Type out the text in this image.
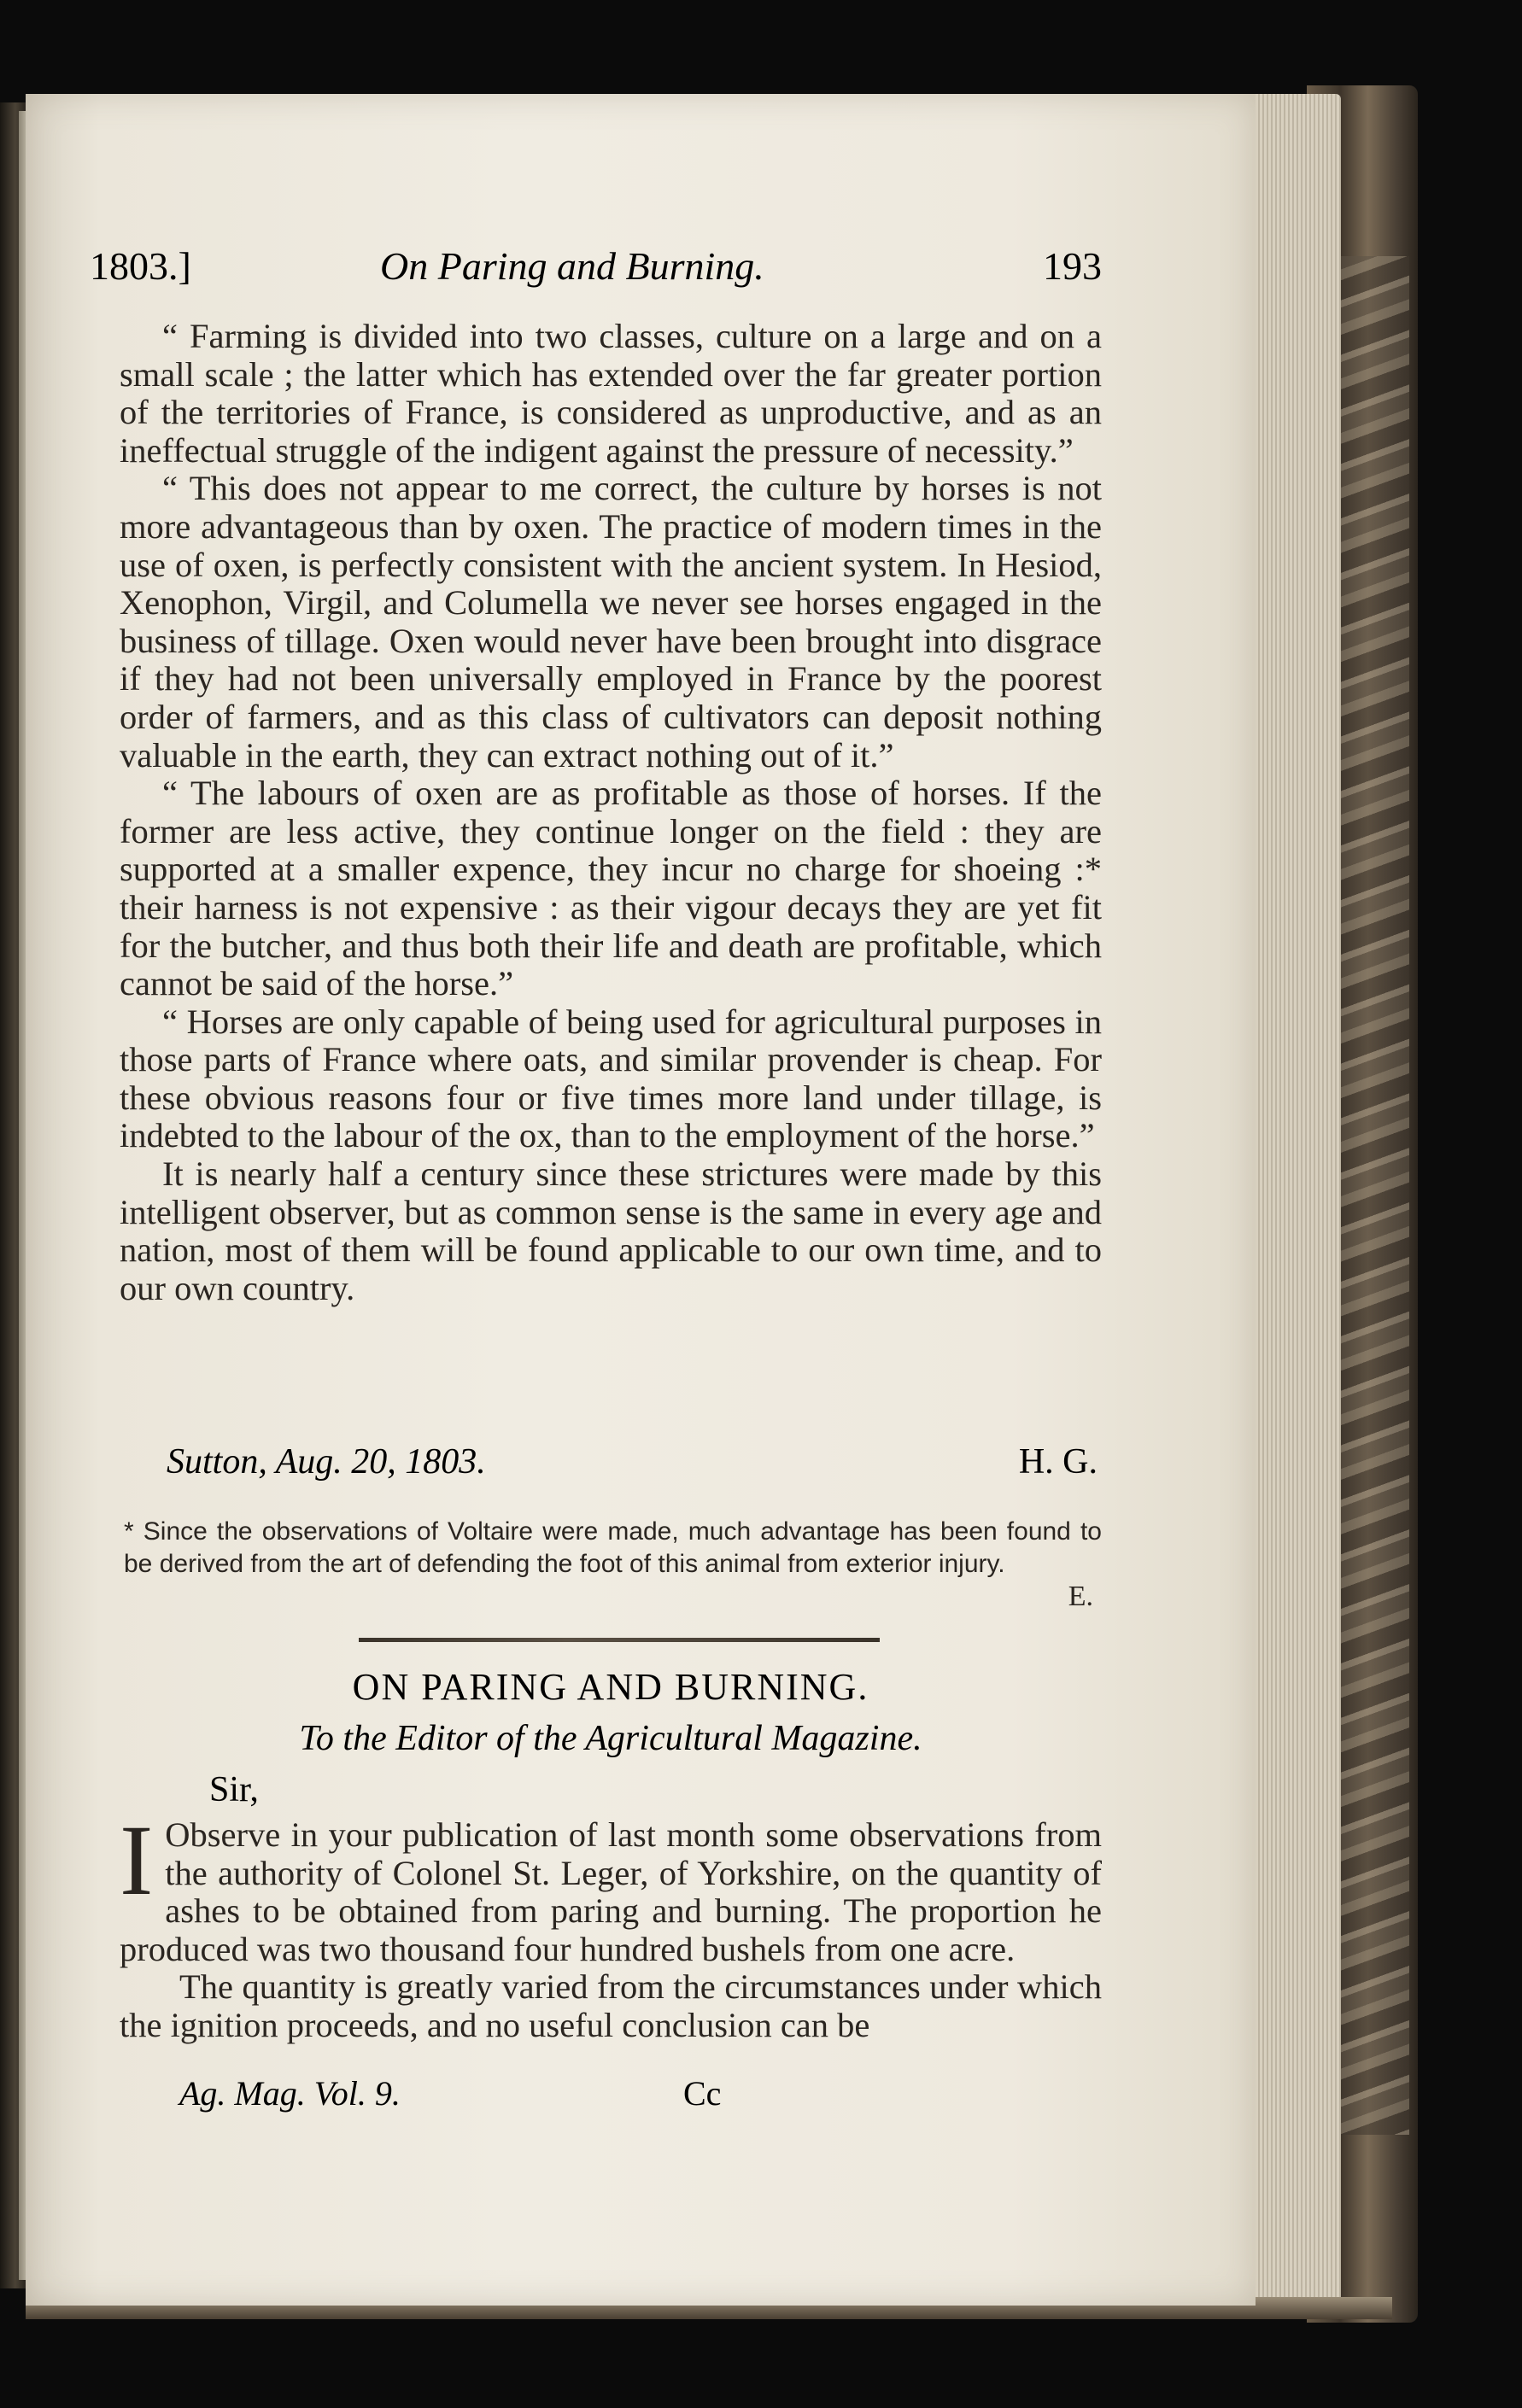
1803.]	On Paring and Burning.	193

“ Farming is divided into two classes, culture on a large and on a small scale ; the latter which has extended over the far greater portion of the territories of France, is considered as unproductive, and as an ineffectual struggle of the indigent against the pressure of necessity.”

“ This does not appear to me correct, the culture by horses is not more advantageous than by oxen. The practice of modern times in the use of oxen, is perfectly consistent with the ancient system. In Hesiod, Xenophon, Virgil, and Columella we never see horses engaged in the business of tillage. Oxen would never have been brought into disgrace if they had not been universally employed in France by the poorest order of farmers, and as this class of cultivators can deposit nothing valuable in the earth, they can extract nothing out of it.”

“ The labours of oxen are as profitable as those of horses. If the former are less active, they continue longer on the field : they are supported at a smaller expence, they incur no charge for shoeing :* their harness is not expensive : as their vigour decays they are yet fit for the butcher, and thus both their life and death are profitable, which cannot be said of the horse.”

“ Horses are only capable of being used for agricultural purposes in those parts of France where oats, and similar provender is cheap. For these obvious reasons four or five times more land under tillage, is indebted to the labour of the ox, than to the employment of the horse.”

It is nearly half a century since these strictures were made by this intelligent observer, but as common sense is the same in every age and nation, most of them will be found applicable to our own time, and to our own country.

Sutton, Aug. 20, 1803.	H. G.
* Since the observations of Voltaire were made, much advantage has been found to be derived from the art of defending the foot of this animal from exterior injury.
E.
ON PARING AND BURNING.
To the Editor of the Agricultural Magazine.
Sir,

I Observe in your publication of last month some observations from the authority of Colonel St. Leger, of Yorkshire, on the quantity of ashes to be obtained from paring and burning. The proportion he produced was two thousand four hundred bushels from one acre.

The quantity is greatly varied from the circumstances under which the ignition proceeds, and no useful conclusion can be

Ag. Mag. Vol. 9.	Cc
